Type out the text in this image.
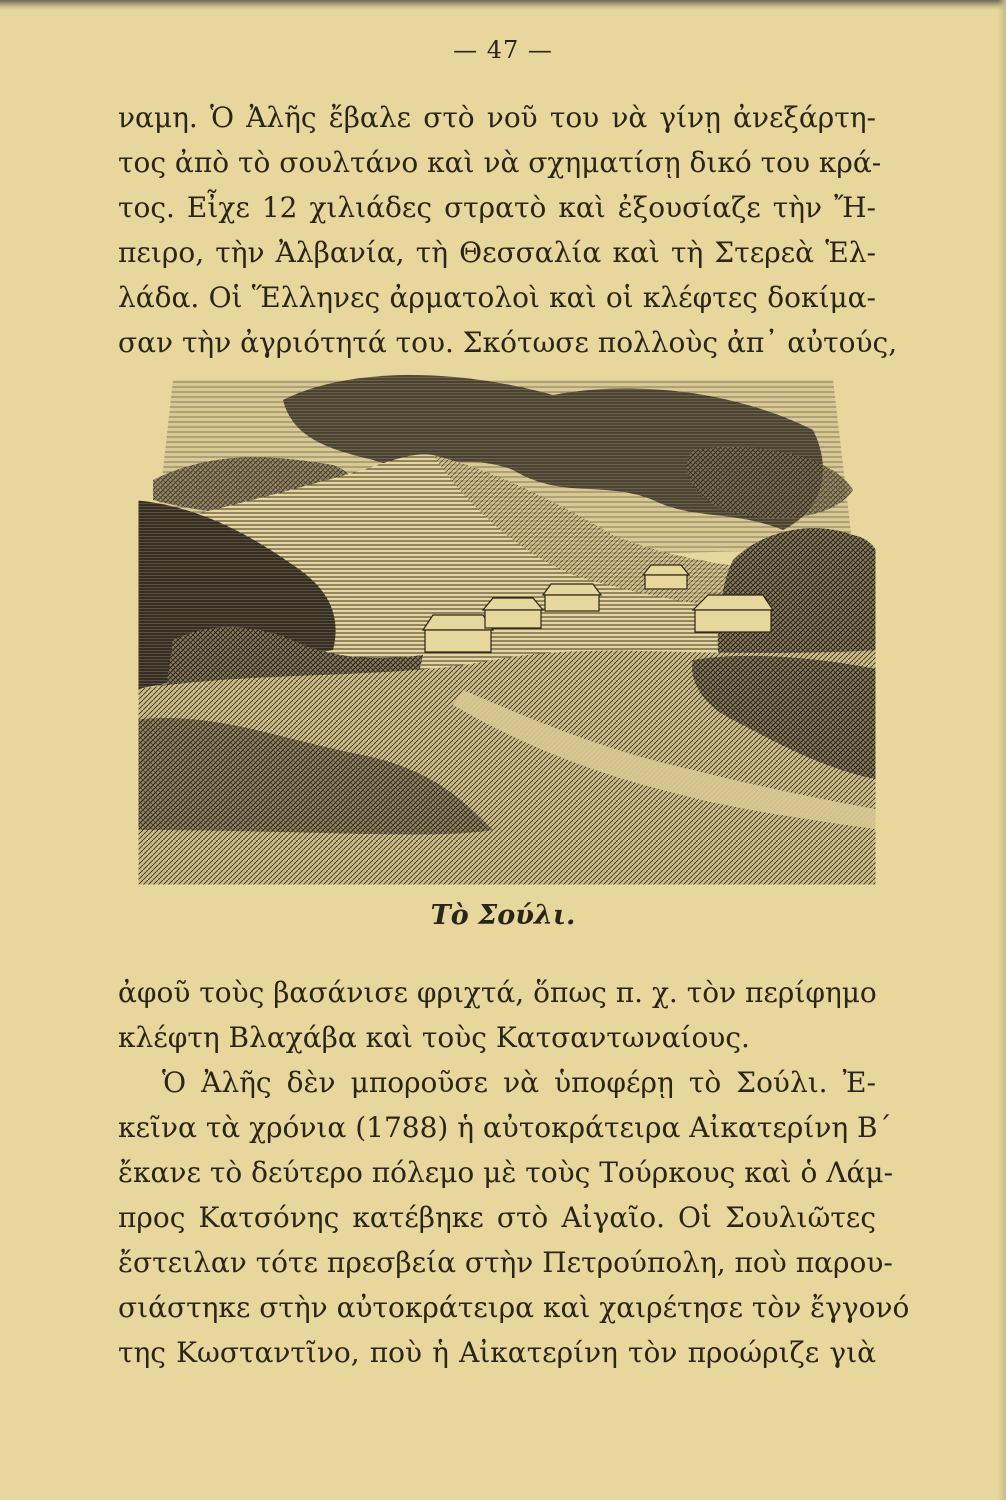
— 47 —
ναμη. Ὁ Ἀλῆς ἔβαλε στὸ νοῦ του νὰ γίνῃ ἀνεξάρτη-
τος ἀπὸ τὸ σουλτάνο καὶ νὰ σχηματίσῃ δικό του κρά-
τος. Εἶχε 12 χιλιάδες στρατὸ καὶ ἐξουσίαζε τὴν Ἤ-
πειρο, τὴν Ἀλβανία, τὴ Θεσσαλία καὶ τὴ Στερεὰ Ἑλ-
λάδα. Οἱ Ἕλληνες ἀρματολοὶ καὶ οἱ κλέφτες δοκίμα-
σαν τὴν ἀγριότητά του. Σκότωσε πολλοὺς ἀπ᾽ αὐτούς,
Τὸ Σούλι.
ἀφοῦ τοὺς βασάνισε φριχτά, ὅπως π. χ. τὸν περίφημο
κλέφτη Βλαχάβα καὶ τοὺς Κατσαντωναίους.
Ὁ Ἀλῆς δὲν μποροῦσε νὰ ὑποφέρῃ τὸ Σούλι. Ἐ-
κεῖνα τὰ χρόνια (1788) ἡ αὐτοκράτειρα Αἰκατερίνη Β´
ἔκανε τὸ δεύτερο πόλεμο μὲ τοὺς Τούρκους καὶ ὁ Λάμ-
προς Κατσόνης κατέβηκε στὸ Αἰγαῖο. Οἱ Σουλιῶτες
ἔστειλαν τότε πρεσβεία στὴν Πετρούπολη, ποὺ παρου-
σιάστηκε στὴν αὐτοκράτειρα καὶ χαιρέτησε τὸν ἔγγονό
της Κωσταντῖνο, ποὺ ἡ Αἰκατερίνη τὸν προώριζε γιὰ
